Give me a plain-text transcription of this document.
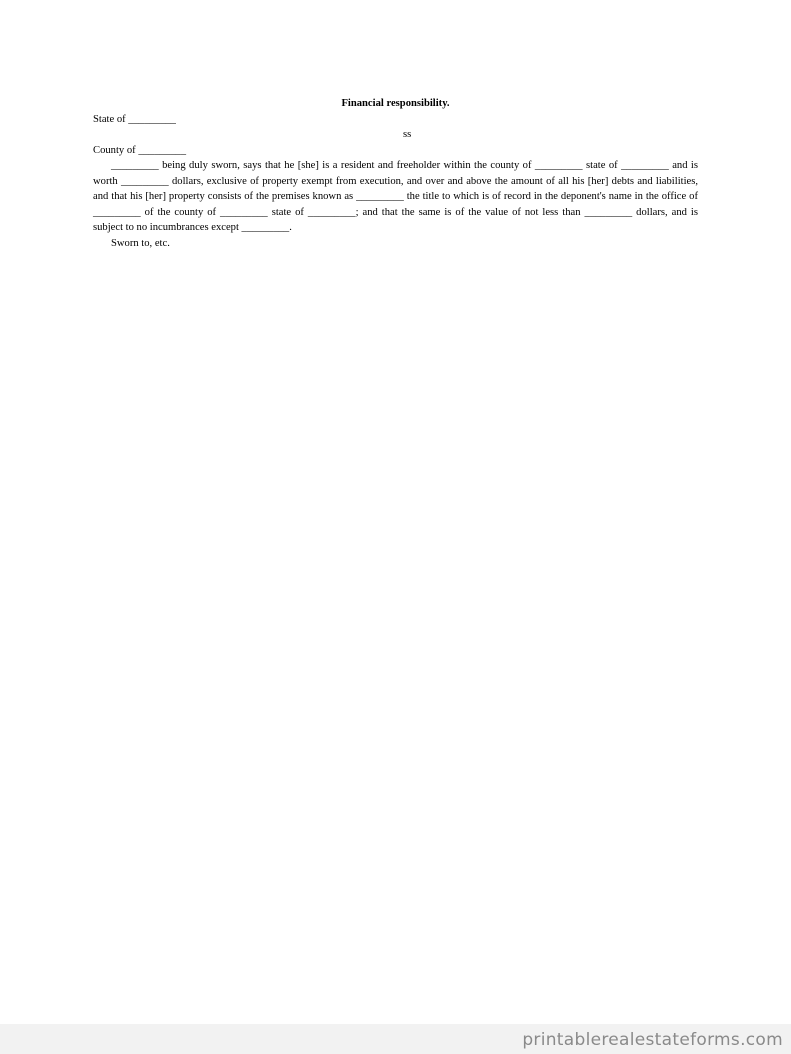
Financial responsibility.

State of _________

ss

County of _________

_________ being duly sworn, says that he [she] is a resident and freeholder within the county of _________ state of _________ and is worth _________ dollars, exclusive of property exempt from execution, and over and above the amount of all his [her] debts and liabilities, and that his [her] property consists of the premises known as _________ the title to which is of record in the deponent's name in the office of _________ of the county of _________ state of _________; and that the same is of the value of not less than _________ dollars, and is subject to no incumbrances except _________.

Sworn to, etc.

printablerealestateforms.com
